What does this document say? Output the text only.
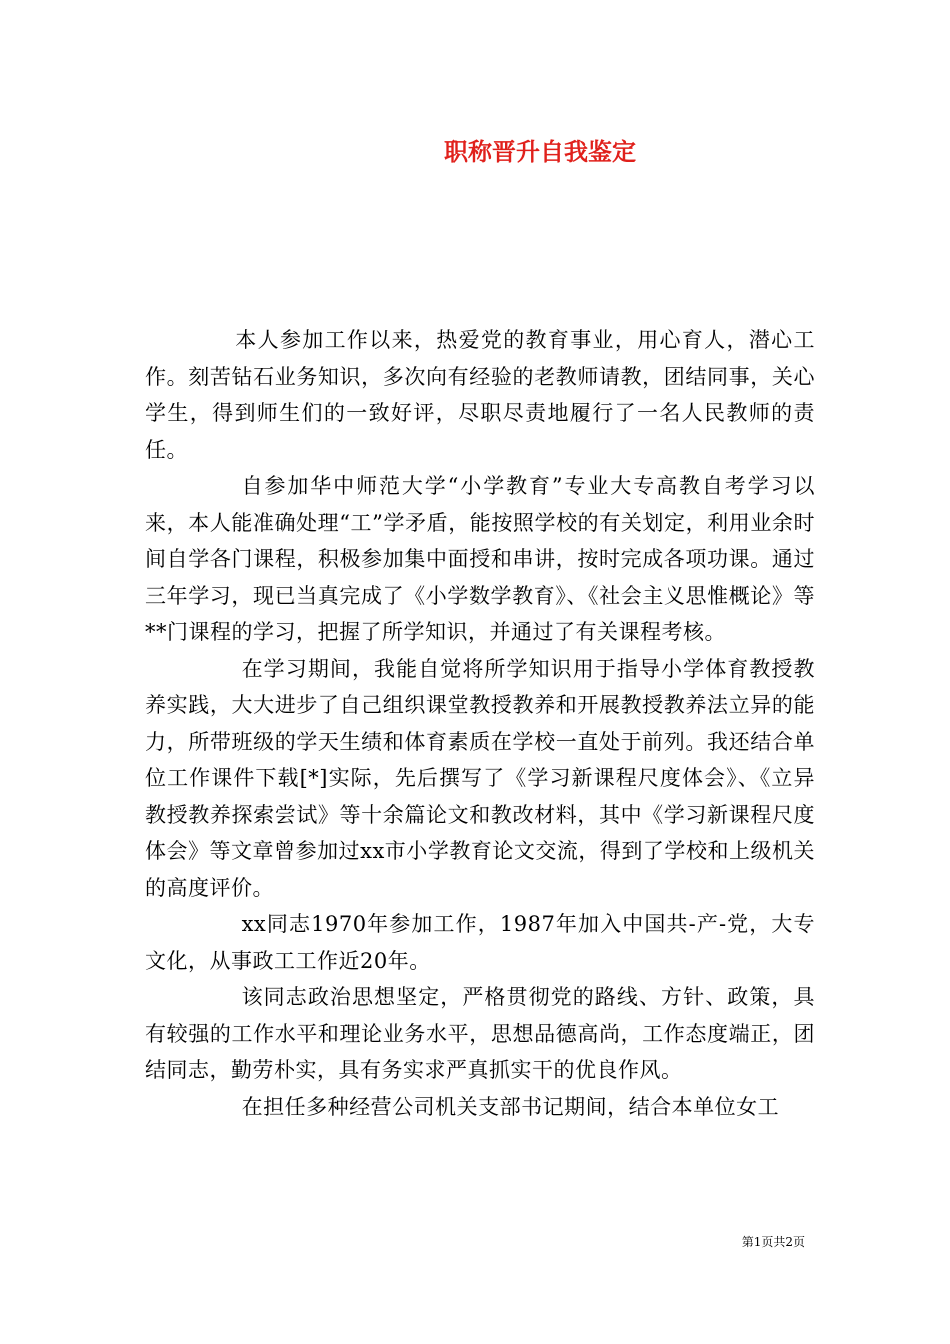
职称晋升自我鉴定

本人参加工作以来，热爱党的教育事业，用心育人，潜心工作。刻苦钻石业务知识，多次向有经验的老教师请教，团结同事，关心学生，得到师生们的一致好评，尽职尽责地履行了一名人民教师的责任。

自参加华中师范大学“小学教育”专业大专高教自考学习以来，本人能准确处理“工”学矛盾，能按照学校的有关划定，利用业余时间自学各门课程，积极参加集中面授和串讲，按时完成各项功课。通过三年学习，现已当真完成了《小学数学教育》、《社会主义思惟概论》等**门课程的学习，把握了所学知识，并通过了有关课程考核。

在学习期间，我能自觉将所学知识用于指导小学体育教授教养实践，大大进步了自己组织课堂教授教养和开展教授教养法立异的能力，所带班级的学天生绩和体育素质在学校一直处于前列。我还结合单位工作课件下载[*]实际，先后撰写了《学习新课程尺度体会》、《立异教授教养探索尝试》等十余篇论文和教改材料，其中《学习新课程尺度体会》等文章曾参加过xx市小学教育论文交流，得到了学校和上级机关的高度评价。

xx同志1970年参加工作，1987年加入中国共-产-党，大专文化，从事政工工作近20年。

该同志政治思想坚定，严格贯彻党的路线、方针、政策，具有较强的工作水平和理论业务水平，思想品德高尚，工作态度端正，团结同志，勤劳朴实，具有务实求严真抓实干的优良作风。

在担任多种经营公司机关支部书记期间，结合本单位女工

第1页共2页
